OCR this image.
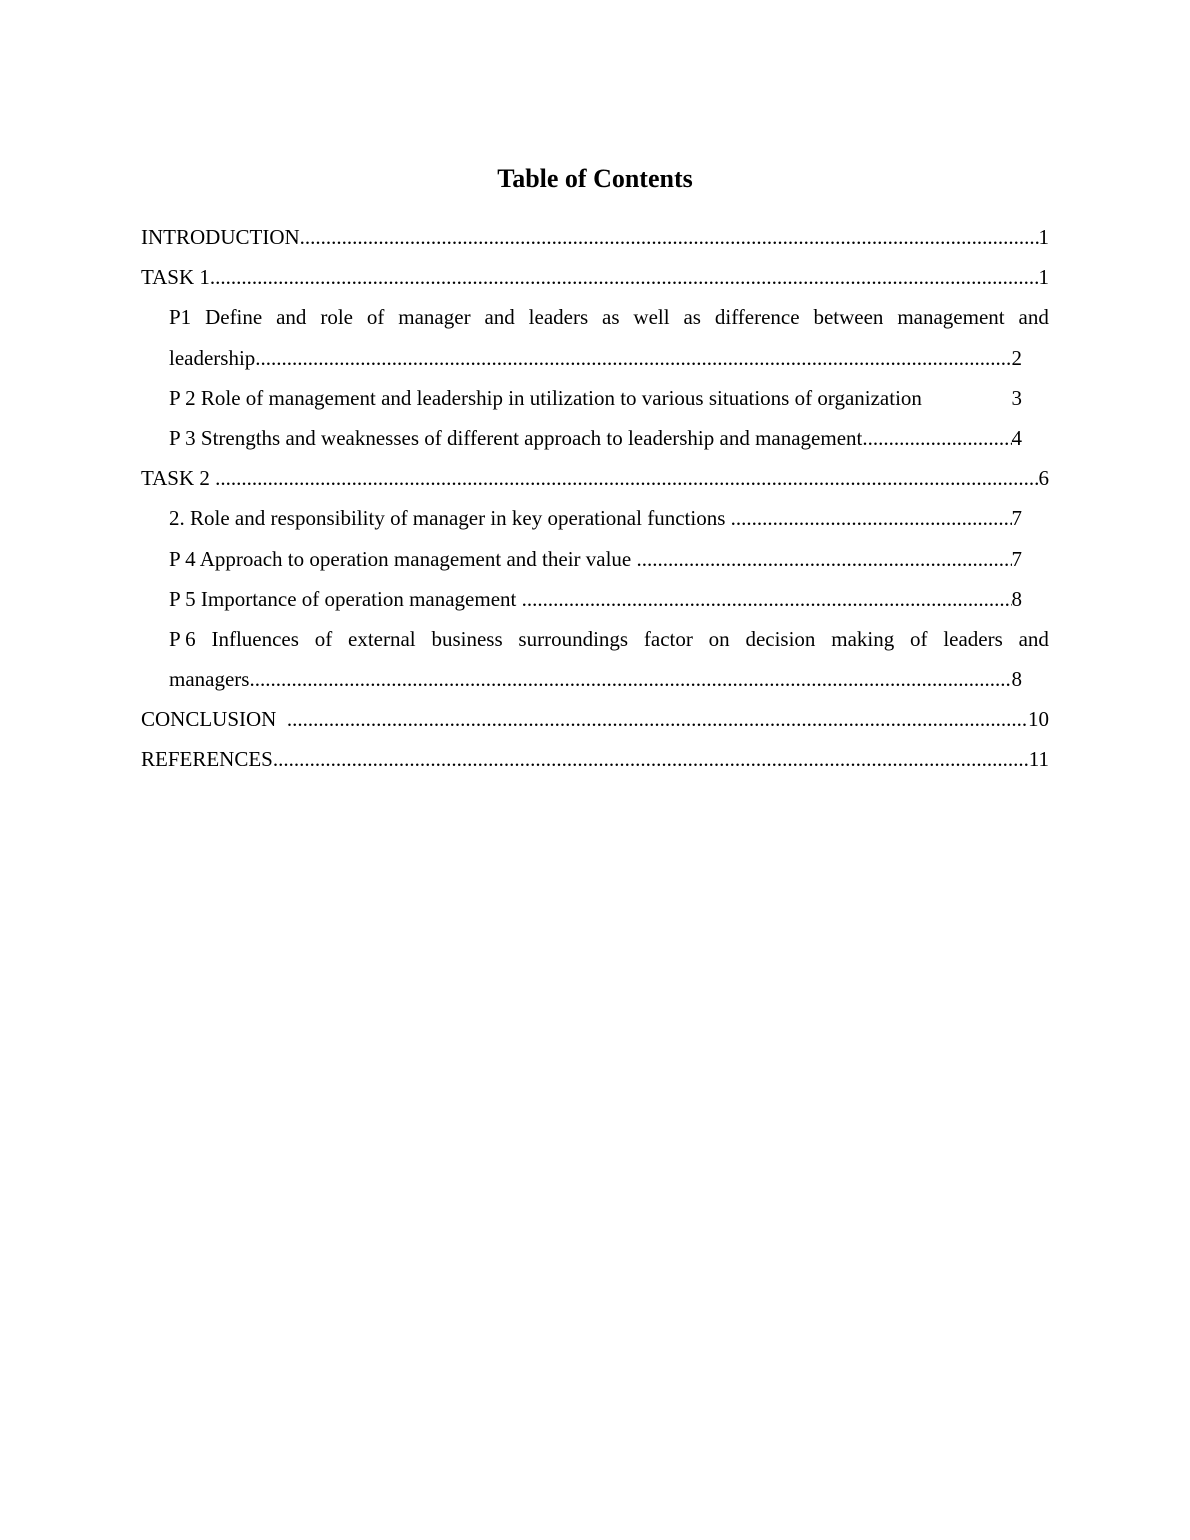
Table of Contents
INTRODUCTION .....	1
TASK 1 .....	1
P1 Define and role of manager and leaders as well as difference between management and
leadership .....	2
P 2 Role of management and leadership in utilization to various situations of organization	3
P 3 Strengths and weaknesses of different approach to leadership and management .....	4
TASK 2 .....	6
2. Role and responsibility of manager in key operational functions .....	7
P 4 Approach to operation management and their value .....	7
P 5 Importance of operation management .....	8
P 6 Influences of external business surroundings factor on decision making of leaders and
managers .....	8
CONCLUSION .....	10
REFERENCES .....	11
